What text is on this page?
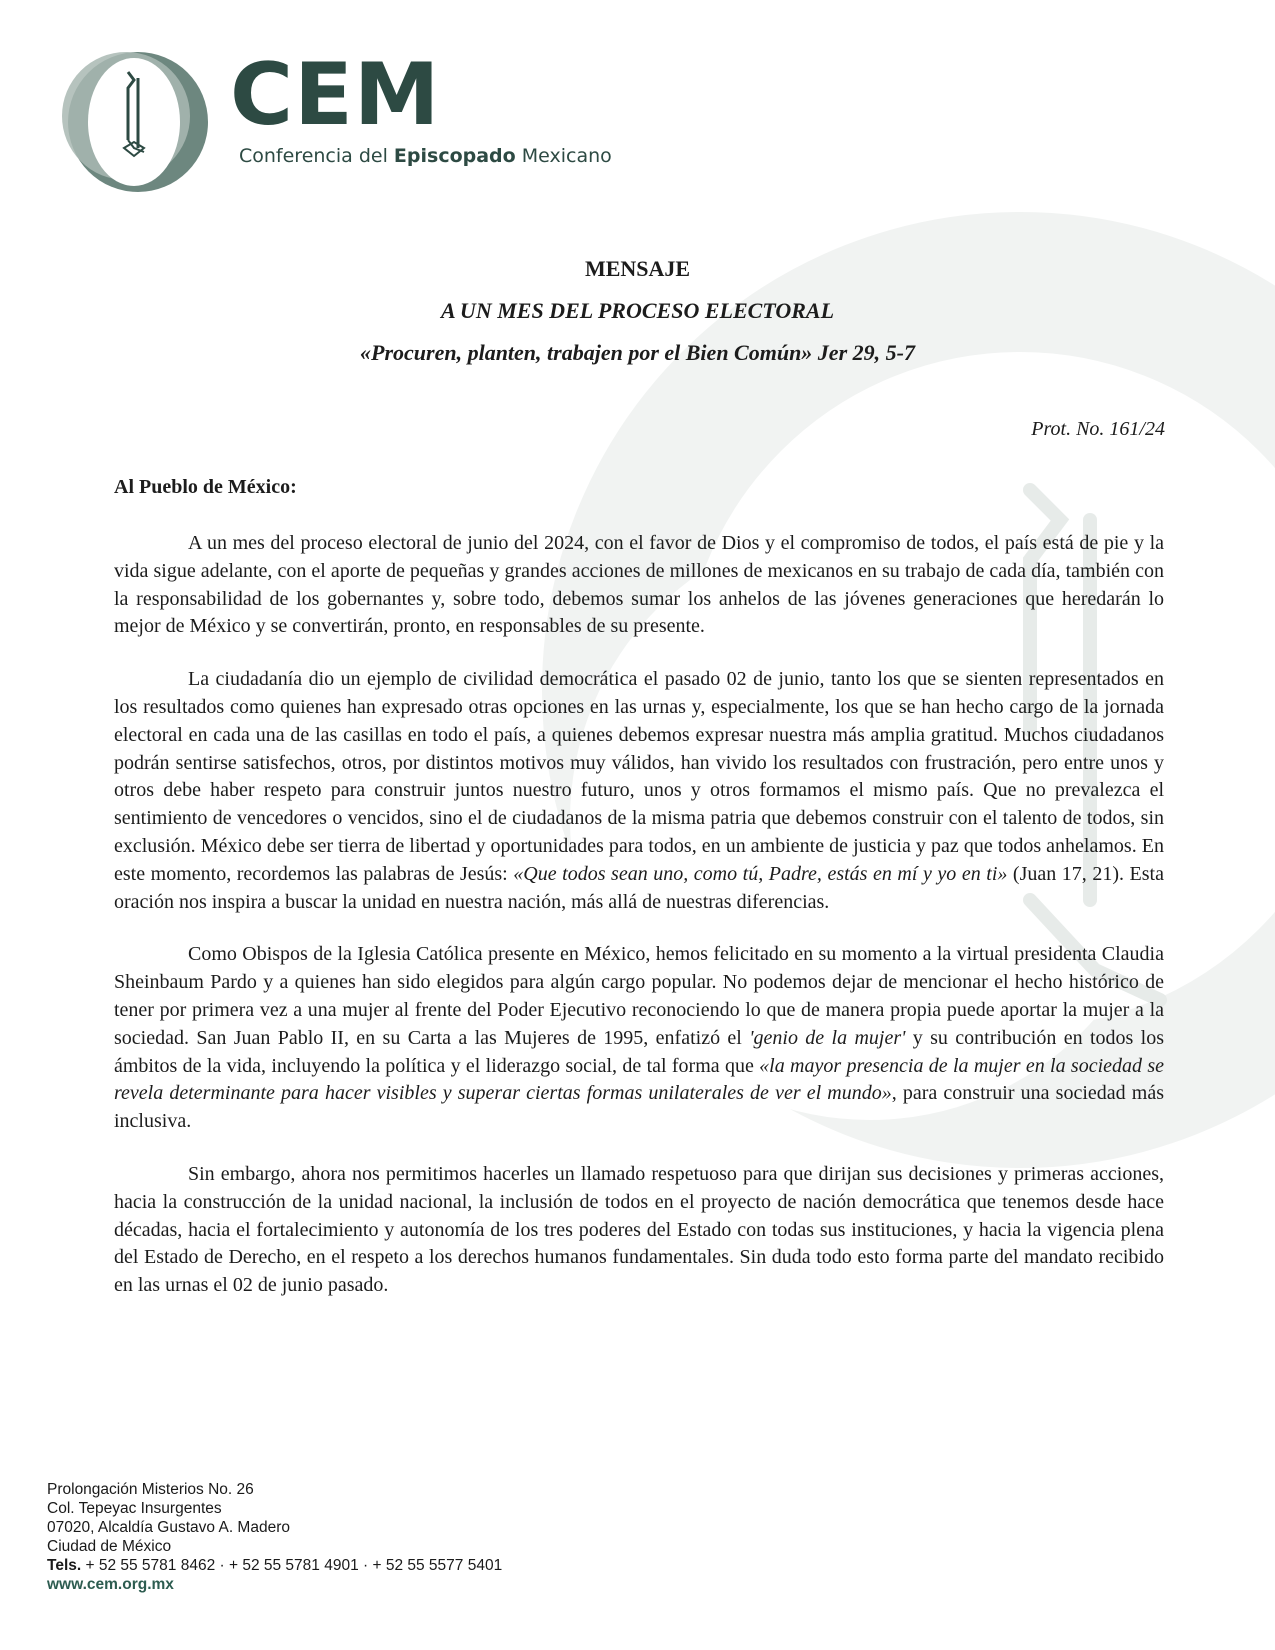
CEM

Conferencia del Episcopado Mexicano

MENSAJE

A UN MES DEL PROCESO ELECTORAL

«Procuren, planten, trabajen por el Bien Común» Jer 29, 5-7

Prot. No. 161/24

Al Pueblo de México:

A un mes del proceso electoral de junio del 2024, con el favor de Dios y el compromiso de todos, el país está de pie y la vida sigue adelante, con el aporte de pequeñas y grandes acciones de millones de mexicanos en su trabajo de cada día, también con la responsabilidad de los gobernantes y, sobre todo, debemos sumar los anhelos de las jóvenes generaciones que heredarán lo mejor de México y se convertirán, pronto, en responsables de su presente.

La ciudadanía dio un ejemplo de civilidad democrática el pasado 02 de junio, tanto los que se sienten representados en los resultados como quienes han expresado otras opciones en las urnas y, especialmente, los que se han hecho cargo de la jornada electoral en cada una de las casillas en todo el país, a quienes debemos expresar nuestra más amplia gratitud. Muchos ciudadanos podrán sentirse satisfechos, otros, por distintos motivos muy válidos, han vivido los resultados con frustración, pero entre unos y otros debe haber respeto para construir juntos nuestro futuro, unos y otros formamos el mismo país. Que no prevalezca el sentimiento de vencedores o vencidos, sino el de ciudadanos de la misma patria que debemos construir con el talento de todos, sin exclusión. México debe ser tierra de libertad y oportunidades para todos, en un ambiente de justicia y paz que todos anhelamos. En este momento, recordemos las palabras de Jesús: «Que todos sean uno, como tú, Padre, estás en mí y yo en ti» (Juan 17, 21). Esta oración nos inspira a buscar la unidad en nuestra nación, más allá de nuestras diferencias.

Como Obispos de la Iglesia Católica presente en México, hemos felicitado en su momento a la virtual presidenta Claudia Sheinbaum Pardo y a quienes han sido elegidos para algún cargo popular. No podemos dejar de mencionar el hecho histórico de tener por primera vez a una mujer al frente del Poder Ejecutivo reconociendo lo que de manera propia puede aportar la mujer a la sociedad. San Juan Pablo II, en su Carta a las Mujeres de 1995, enfatizó el 'genio de la mujer' y su contribución en todos los ámbitos de la vida, incluyendo la política y el liderazgo social, de tal forma que «la mayor presencia de la mujer en la sociedad se revela determinante para hacer visibles y superar ciertas formas unilaterales de ver el mundo», para construir una sociedad más inclusiva.

Sin embargo, ahora nos permitimos hacerles un llamado respetuoso para que dirijan sus decisiones y primeras acciones, hacia la construcción de la unidad nacional, la inclusión de todos en el proyecto de nación democrática que tenemos desde hace décadas, hacia el fortalecimiento y autonomía de los tres poderes del Estado con todas sus instituciones, y hacia la vigencia plena del Estado de Derecho, en el respeto a los derechos humanos fundamentales. Sin duda todo esto forma parte del mandato recibido en las urnas el 02 de junio pasado.

Prolongación Misterios No. 26
Col. Tepeyac Insurgentes
07020, Alcaldía Gustavo A. Madero
Ciudad de México
Tels. + 52 55 5781 8462 · + 52 55 5781 4901 · + 52 55 5577 5401
www.cem.org.mx
